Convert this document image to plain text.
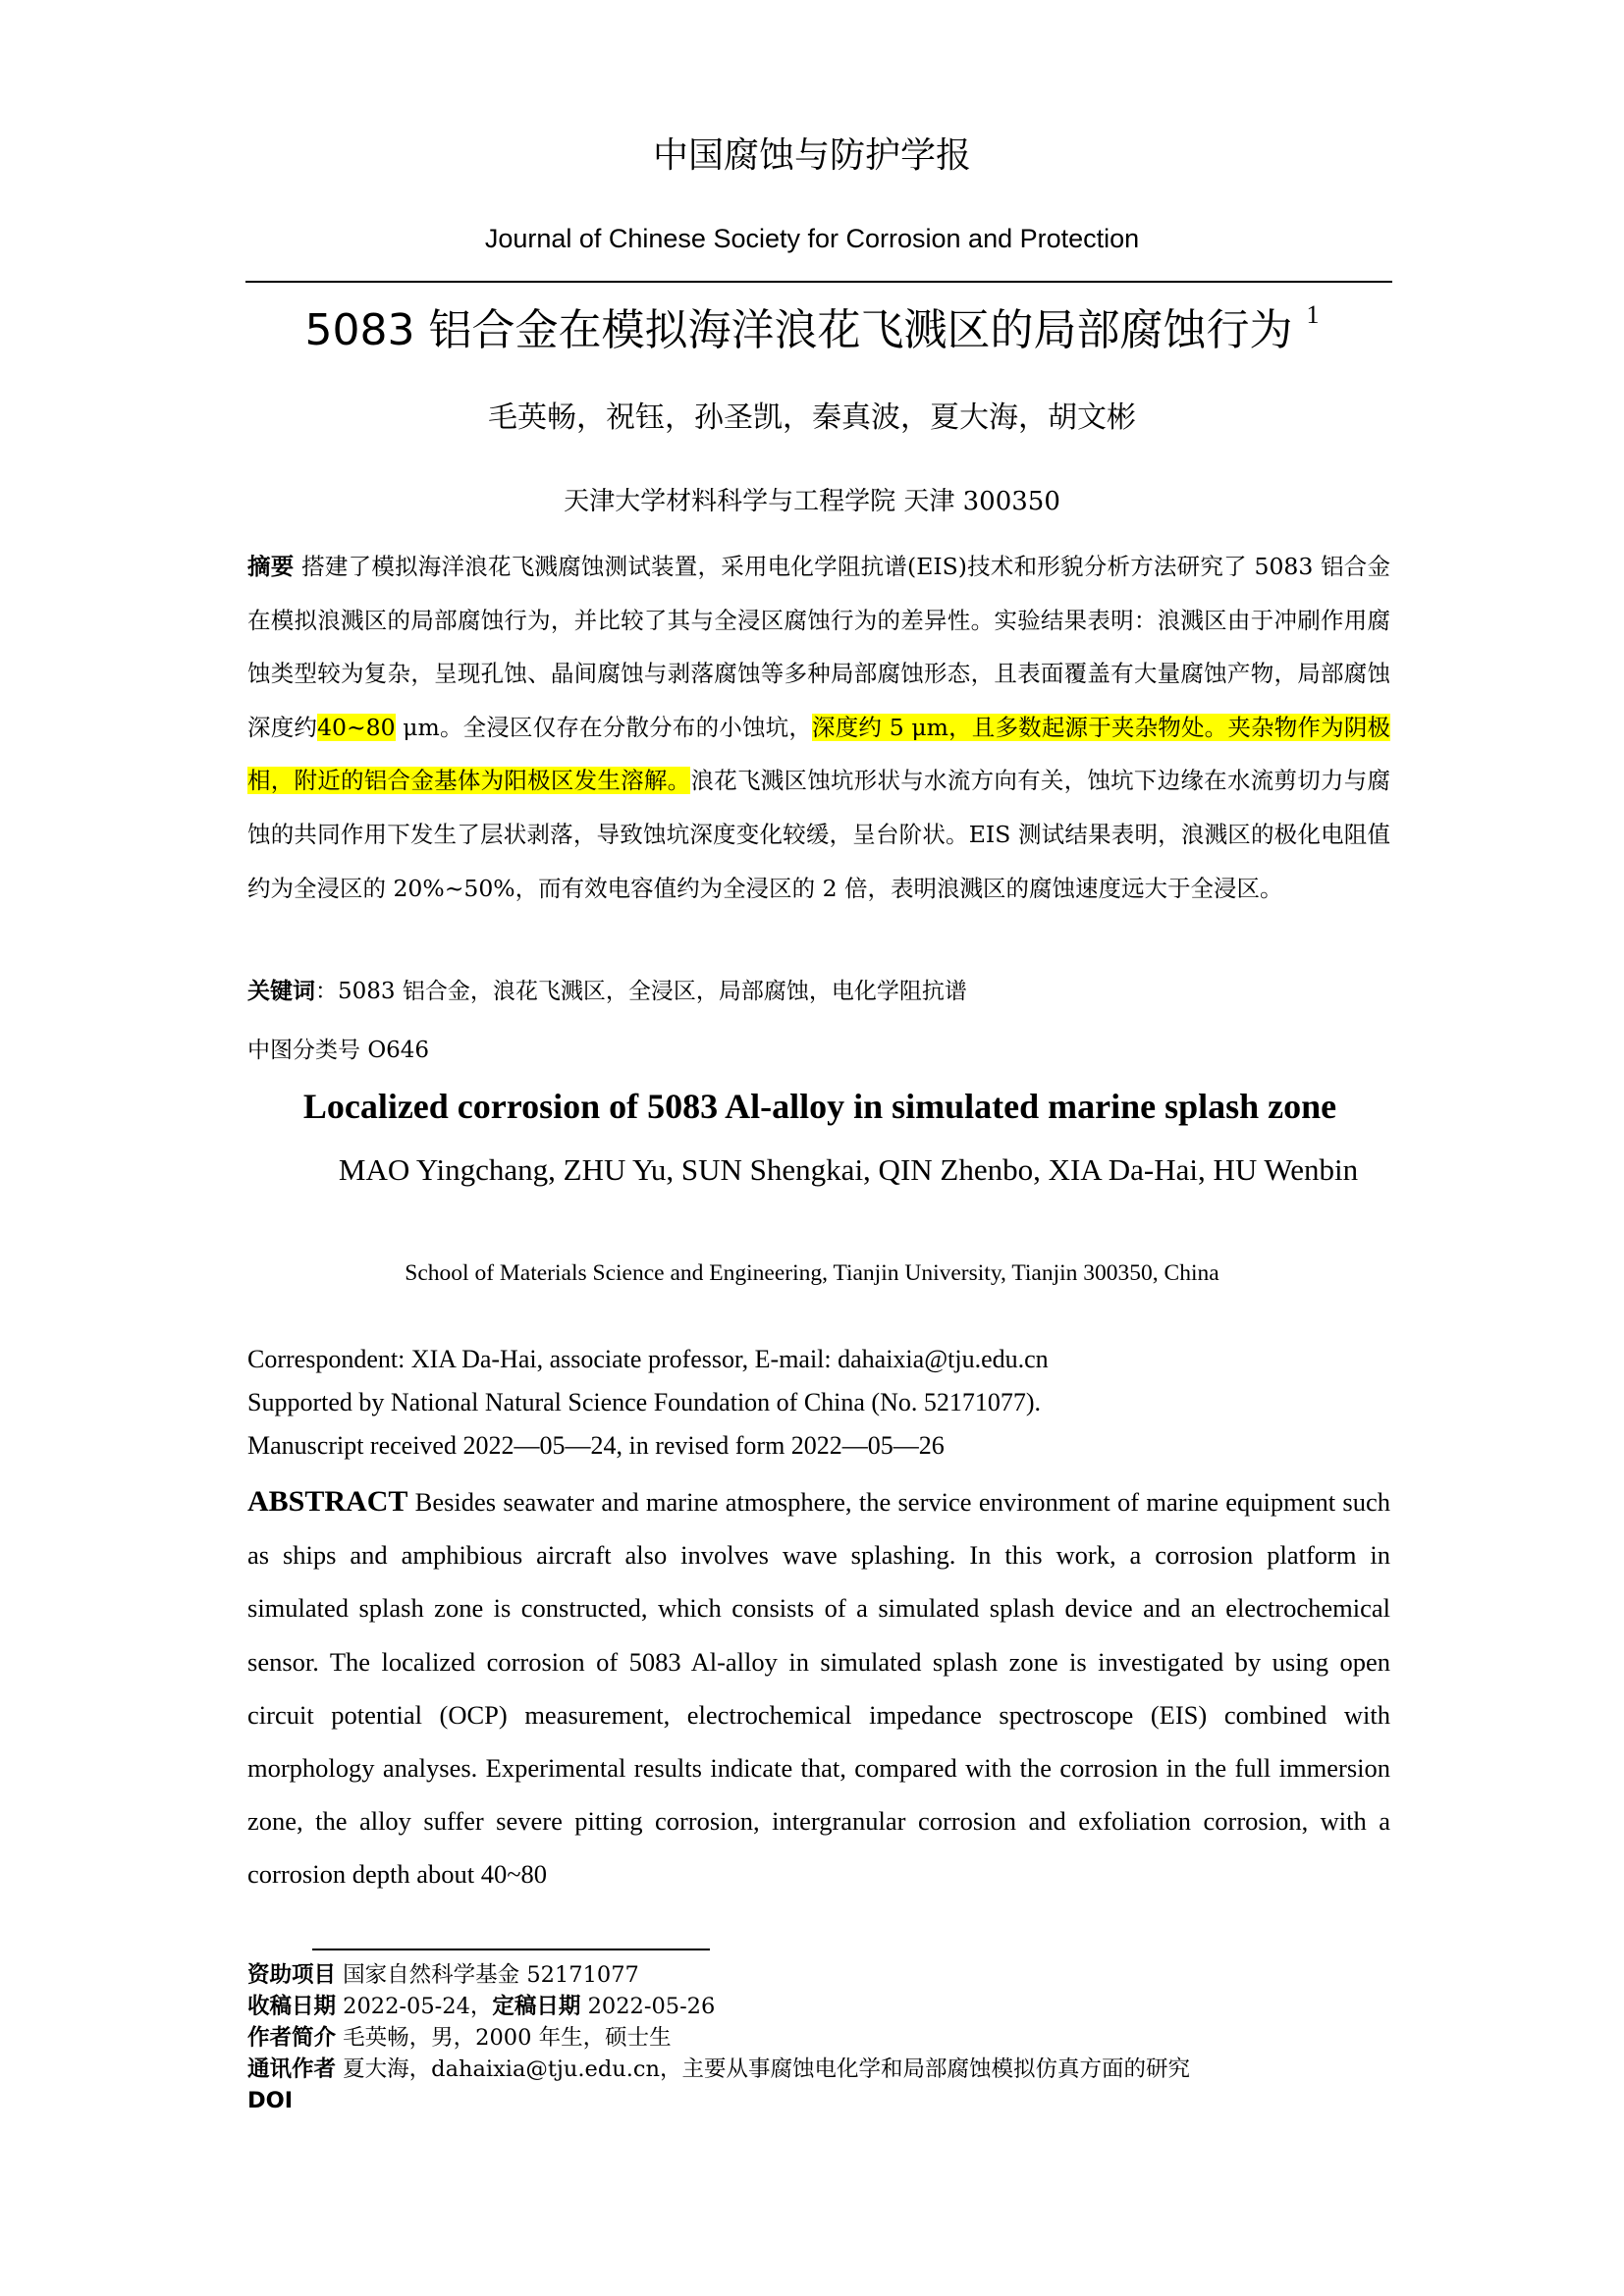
中国腐蚀与防护学报
Journal of Chinese Society for Corrosion and Protection
5083 铝合金在模拟海洋浪花飞溅区的局部腐蚀行为 $^1$
毛英畅，祝钰，孙圣凯，秦真波，夏大海，胡文彬
天津大学材料科学与工程学院 天津 300350
摘要 搭建了模拟海洋浪花飞溅腐蚀测试装置，采用电化学阻抗谱(EIS)技术和形貌分析方法研究了 5083 铝合金在模拟浪溅区的局部腐蚀行为，并比较了其与全浸区腐蚀行为的差异性。实验结果表明：浪溅区由于冲刷作用腐蚀类型较为复杂，呈现孔蚀、晶间腐蚀与剥落腐蚀等多种局部腐蚀形态，且表面覆盖有大量腐蚀产物，局部腐蚀深度约40~80 μm。全浸区仅存在分散分布的小蚀坑，深度约 5 μm，且多数起源于夹杂物处。夹杂物作为阴极相，附近的铝合金基体为阳极区发生溶解。浪花飞溅区蚀坑形状与水流方向有关，蚀坑下边缘在水流剪切力与腐蚀的共同作用下发生了层状剥落，导致蚀坑深度变化较缓，呈台阶状。EIS 测试结果表明，浪溅区的极化电阻值约为全浸区的 20%~50%，而有效电容值约为全浸区的 2 倍，表明浪溅区的腐蚀速度远大于全浸区。
关键词：5083 铝合金，浪花飞溅区，全浸区，局部腐蚀，电化学阻抗谱
中图分类号 O646
Localized corrosion of 5083 Al-alloy in simulated marine splash zone
MAO Yingchang, ZHU Yu, SUN Shengkai, QIN Zhenbo, XIA Da-Hai, HU Wenbin
School of Materials Science and Engineering, Tianjin University, Tianjin 300350, China
Correspondent: XIA Da-Hai, associate professor, E-mail: dahaixia@tju.edu.cn
Supported by National Natural Science Foundation of China (No. 52171077).
Manuscript received 2022—05—24, in revised form 2022—05—26
ABSTRACT Besides seawater and marine atmosphere, the service environment of marine equipment such as ships and amphibious aircraft also involves wave splashing. In this work, a corrosion platform in simulated splash zone is constructed, which consists of a simulated splash device and an electrochemical sensor. The localized corrosion of 5083 Al-alloy in simulated splash zone is investigated by using open circuit potential (OCP) measurement, electrochemical impedance spectroscope (EIS) combined with morphology analyses. Experimental results indicate that, compared with the corrosion in the full immersion zone, the alloy suffer severe pitting corrosion, intergranular corrosion and exfoliation corrosion, with a corrosion depth about 40~80
资助项目 国家自然科学基金 52171077
收稿日期 2022-05-24，定稿日期 2022-05-26
作者简介 毛英畅，男，2000 年生，硕士生
通讯作者 夏大海，dahaixia@tju.edu.cn，主要从事腐蚀电化学和局部腐蚀模拟仿真方面的研究
DOI
